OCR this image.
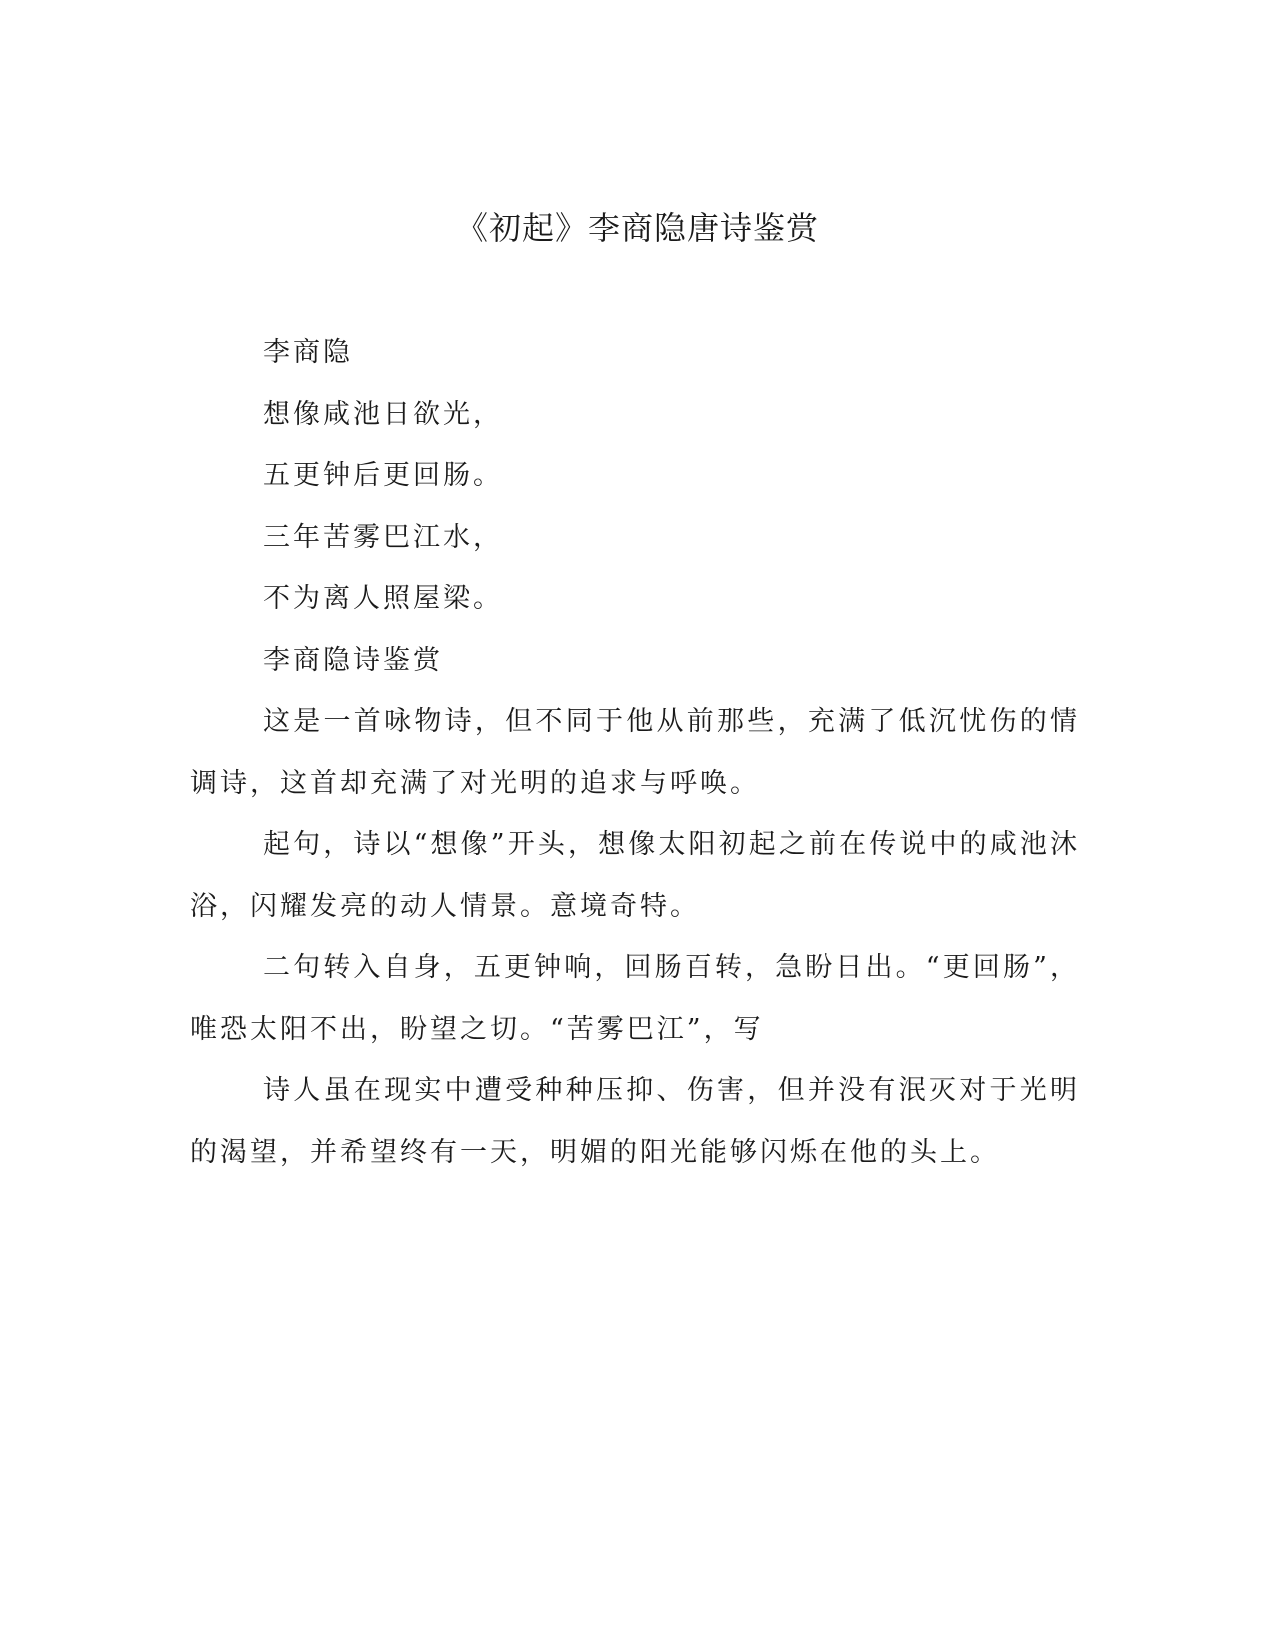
《初起》李商隐唐诗鉴赏
李商隐
想像咸池日欲光，
五更钟后更回肠。
三年苦雾巴江水，
不为离人照屋梁。
李商隐诗鉴赏

这是一首咏物诗，但不同于他从前那些，充满了低沉忧伤的情调诗，这首却充满了对光明的追求与呼唤。

起句，诗以“想像”开头，想像太阳初起之前在传说中的咸池沐浴，闪耀发亮的动人情景。意境奇特。

二句转入自身，五更钟响，回肠百转，急盼日出。“更回肠”，唯恐太阳不出，盼望之切。“苦雾巴江”，写

诗人虽在现实中遭受种种压抑、伤害，但并没有泯灭对于光明的渴望，并希望终有一天，明媚的阳光能够闪烁在他的头上。
